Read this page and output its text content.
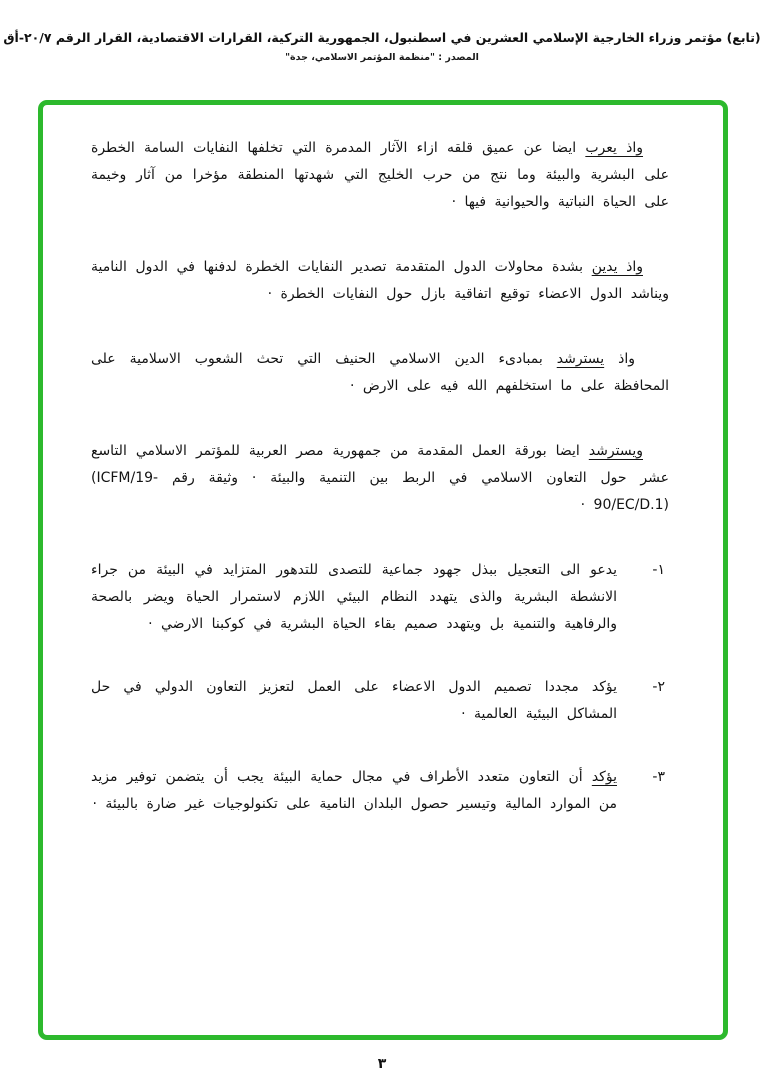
(تابع) مؤتمر وزراء الخارجية الإسلامي العشرين في اسطنبول، الجمهورية التركية، القرارات الاقتصادية، القرار الرقم ٢٠/٧-أق
المصدر : "منظمة المؤتمر الاسلامي، جدة"

واذ يعرب ايضا عن عميق قلقه ازاء الآثار المدمرة التي تخلفها النفايات السامة الخطرة على البشرية والبيئة وما نتج من حرب الخليج التي شهدتها المنطقة مؤخرا من آثار وخيمة على الحياة النباتية والحيوانية فيها ·

واذ يدين بشدة محاولات الدول المتقدمة تصدير النفايات الخطرة لدفنها في الدول النامية ويناشد الدول الاعضاء توقيع اتفاقية بازل حول النفايات الخطرة ·

واذ يسترشد بمبادىء الدين الاسلامي الحنيف التي تحث الشعوب الاسلامية على المحافظة على ما استخلفهم الله فيه على الارض ·

ويسترشد ايضا بورقة العمل المقدمة من جمهورية مصر العربية للمؤتمر الاسلامي التاسع عشر حول التعاون الاسلامي في الربط بين التنمية والبيئة · وثيقة رقم (ICFM/19-90/EC/D.1) ·

١-
يدعو الى التعجيل ببذل جهود جماعية للتصدى للتدهور المتزايد في البيئة من جراء الانشطة البشرية والذى يتهدد النظام البيئي اللازم لاستمرار الحياة ويضر بالصحة والرفاهية والتنمية بل ويتهدد صميم بقاء الحياة البشرية في كوكبنا الارضي ·
٢-
يؤكد مجددا تصميم الدول الاعضاء على العمل لتعزيز التعاون الدولي في حل المشاكل البيئية العالمية ·
٣-
يؤكد أن التعاون متعدد الأطراف في مجال حماية البيئة يجب أن يتضمن توفير مزيد من الموارد المالية وتيسير حصول البلدان النامية على تكنولوجيات غير ضارة بالبيئة ·
٣
